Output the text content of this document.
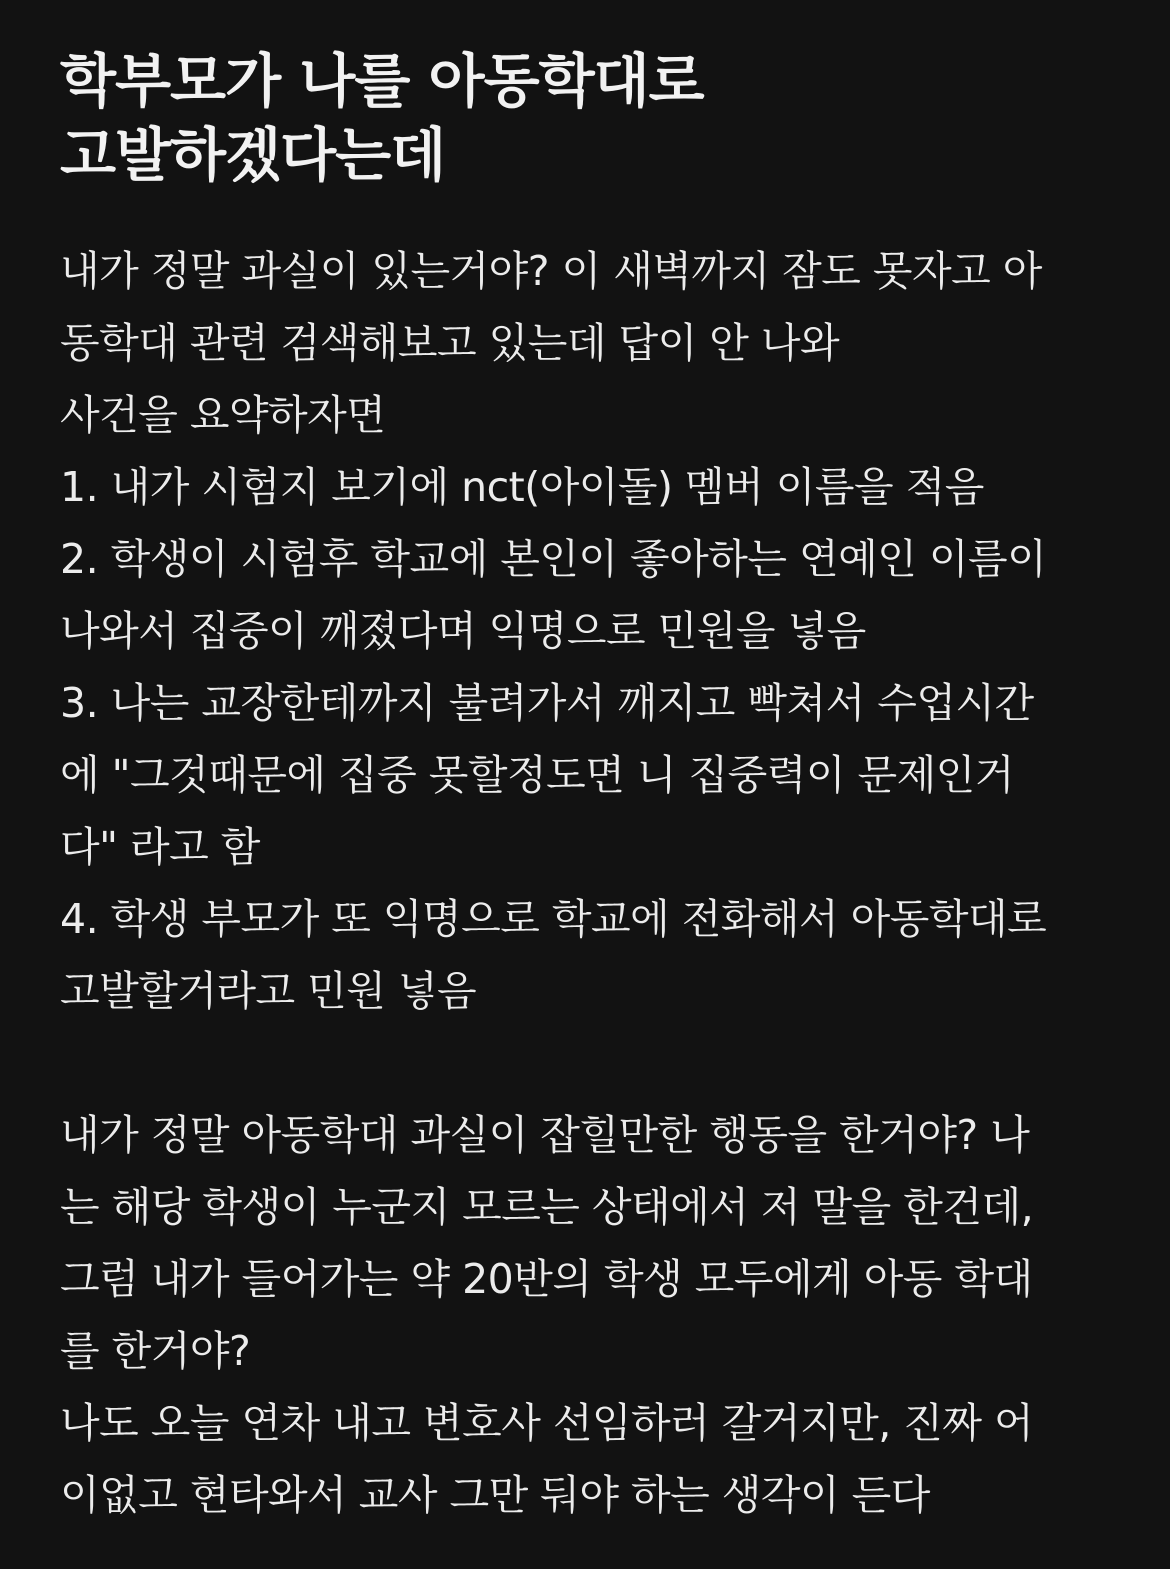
학부모가 나를 아동학대로
고발하겠다는데
내가 정말 과실이 있는거야? 이 새벽까지 잠도 못자고 아
동학대 관련 검색해보고 있는데 답이 안 나와
사건을 요약하자면
1. 내가 시험지 보기에 nct(아이돌) 멤버 이름을 적음
2. 학생이 시험후 학교에 본인이 좋아하는 연예인 이름이
나와서 집중이 깨졌다며 익명으로 민원을 넣음
3. 나는 교장한테까지 불려가서 깨지고 빡쳐서 수업시간
에 "그것때문에 집중 못할정도면 니 집중력이 문제인거
다" 라고 함
4. 학생 부모가 또 익명으로 학교에 전화해서 아동학대로
고발할거라고 민원 넣음
내가 정말 아동학대 과실이 잡힐만한 행동을 한거야? 나
는 해당 학생이 누군지 모르는 상태에서 저 말을 한건데,
그럼 내가 들어가는 약 20반의 학생 모두에게 아동 학대
를 한거야?
나도 오늘 연차 내고 변호사 선임하러 갈거지만, 진짜 어
이없고 현타와서 교사 그만 둬야 하는 생각이 든다
